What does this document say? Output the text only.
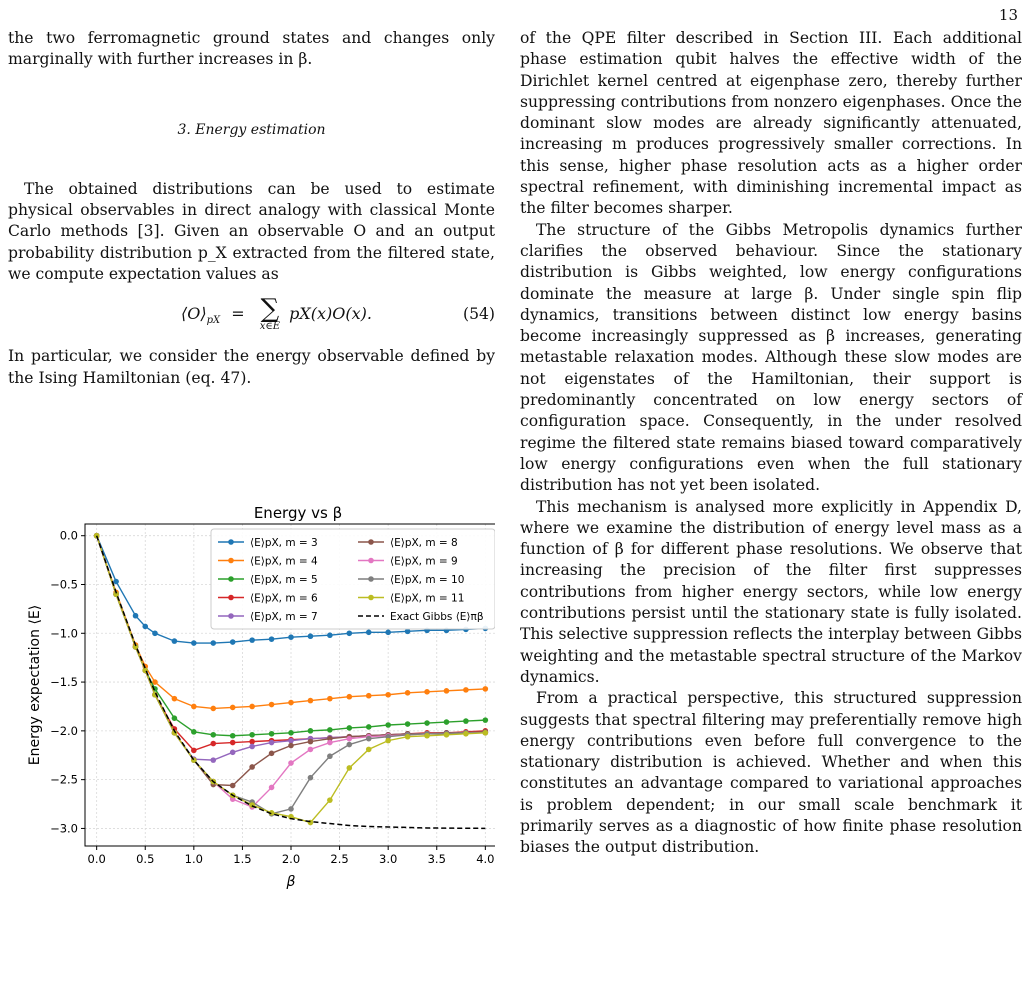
13

the two ferromagnetic ground states and changes only marginally with further increases in β.

3. Energy estimation

The obtained distributions can be used to estimate physical observables in direct analogy with classical Monte Carlo methods [3]. Given an observable O and an output probability distribution p_X extracted from the filtered state, we compute expectation values as

$⟨O⟩_{pX}$ = ∑
x∈E
pX(x)O(x).	(54)

In particular, we consider the energy observable defined by the Ising Hamiltonian (eq. 47).

of the QPE filter described in Section III. Each additional phase estimation qubit halves the effective width of the Dirichlet kernel centred at eigenphase zero, thereby further suppressing contributions from nonzero eigenphases. Once the dominant slow modes are already significantly attenuated, increasing m produces progressively smaller corrections. In this sense, higher phase resolution acts as a higher order spectral refinement, with diminishing incremental impact as the filter becomes sharper.

The structure of the Gibbs Metropolis dynamics further clarifies the observed behaviour. Since the stationary distribution is Gibbs weighted, low energy configurations dominate the measure at large β. Under single spin flip dynamics, transitions between distinct low energy basins become increasingly suppressed as β increases, generating metastable relaxation modes. Although these slow modes are not eigenstates of the Hamiltonian, their support is predominantly concentrated on low energy sectors of configuration space. Consequently, in the under resolved regime the filtered state remains biased toward comparatively low energy configurations even when the full stationary distribution has not yet been isolated.

This mechanism is analysed more explicitly in Appendix D, where we examine the distribution of energy level mass as a function of β for different phase resolutions. We observe that increasing the precision of the filter first suppresses contributions from higher energy sectors, while low energy contributions persist until the stationary state is fully isolated. This selective suppression reflects the interplay between Gibbs weighting and the metastable spectral structure of the Markov dynamics.

From a practical perspective, this structured suppression suggests that spectral filtering may preferentially remove high energy contributions even before full convergence to the stationary distribution is achieved. Whether and when this constitutes an advantage compared to variational approaches is problem dependent; in our small scale benchmark it primarily serves as a diagnostic of how finite phase resolution biases the output distribution.

Energy vs β
0.0	0.5	1.0	1.5	2.0	2.5	3.0	3.5	4.0
0.0
−0.5
−1.0
−1.5
−2.0
−2.5
−3.0
β
Energy expectation ⟨E⟩
⟨E⟩pX, m = 3
⟨E⟩pX, m = 4
⟨E⟩pX, m = 5
⟨E⟩pX, m = 6
⟨E⟩pX, m = 7
⟨E⟩pX, m = 8
⟨E⟩pX, m = 9
⟨E⟩pX, m = 10
⟨E⟩pX, m = 11
Exact Gibbs ⟨E⟩πβ
